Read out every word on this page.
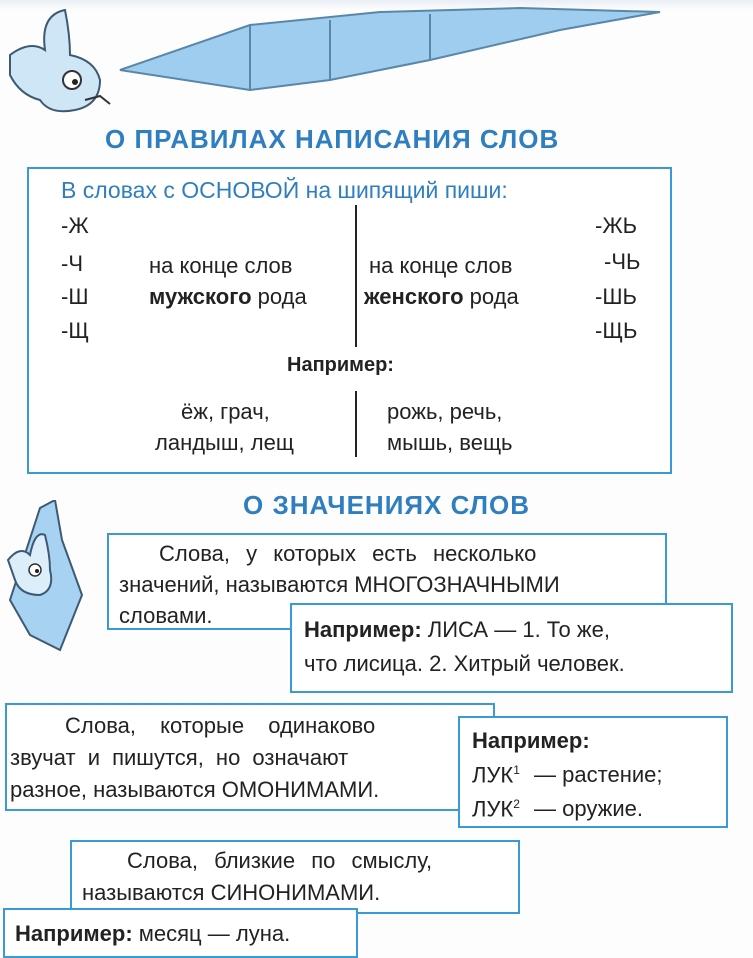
О ПРАВИЛАХ НАПИСАНИЯ СЛОВ
В словах с ОСНОВОЙ на шипящий пиши:
-Ж
-Ч
-Ш
-Щ
-ЖЬ
-ЧЬ
-ШЬ
-ЩЬ
на конце слов
мужского рода
на конце слов
женского рода
Например:
ёж, грач,
ландыш, лещ
рожь, речь,
мышь, вещь
О ЗНАЧЕНИЯХ СЛОВ
Слова, у которых есть несколько
значений, называются МНОГОЗНАЧНЫМИ
словами.
Например: ЛИСА — 1. То же,
что лисица. 2. Хитрый человек.
Слова, которые одинаково
звучат и пишутся, но означают
разное, называются ОМОНИМАМИ.
Например:
ЛУК$^1$ — растение;
ЛУК$^2$ — оружие.
Слова, близкие по смыслу,
называются СИНОНИМАМИ.
Например: месяц — луна.
